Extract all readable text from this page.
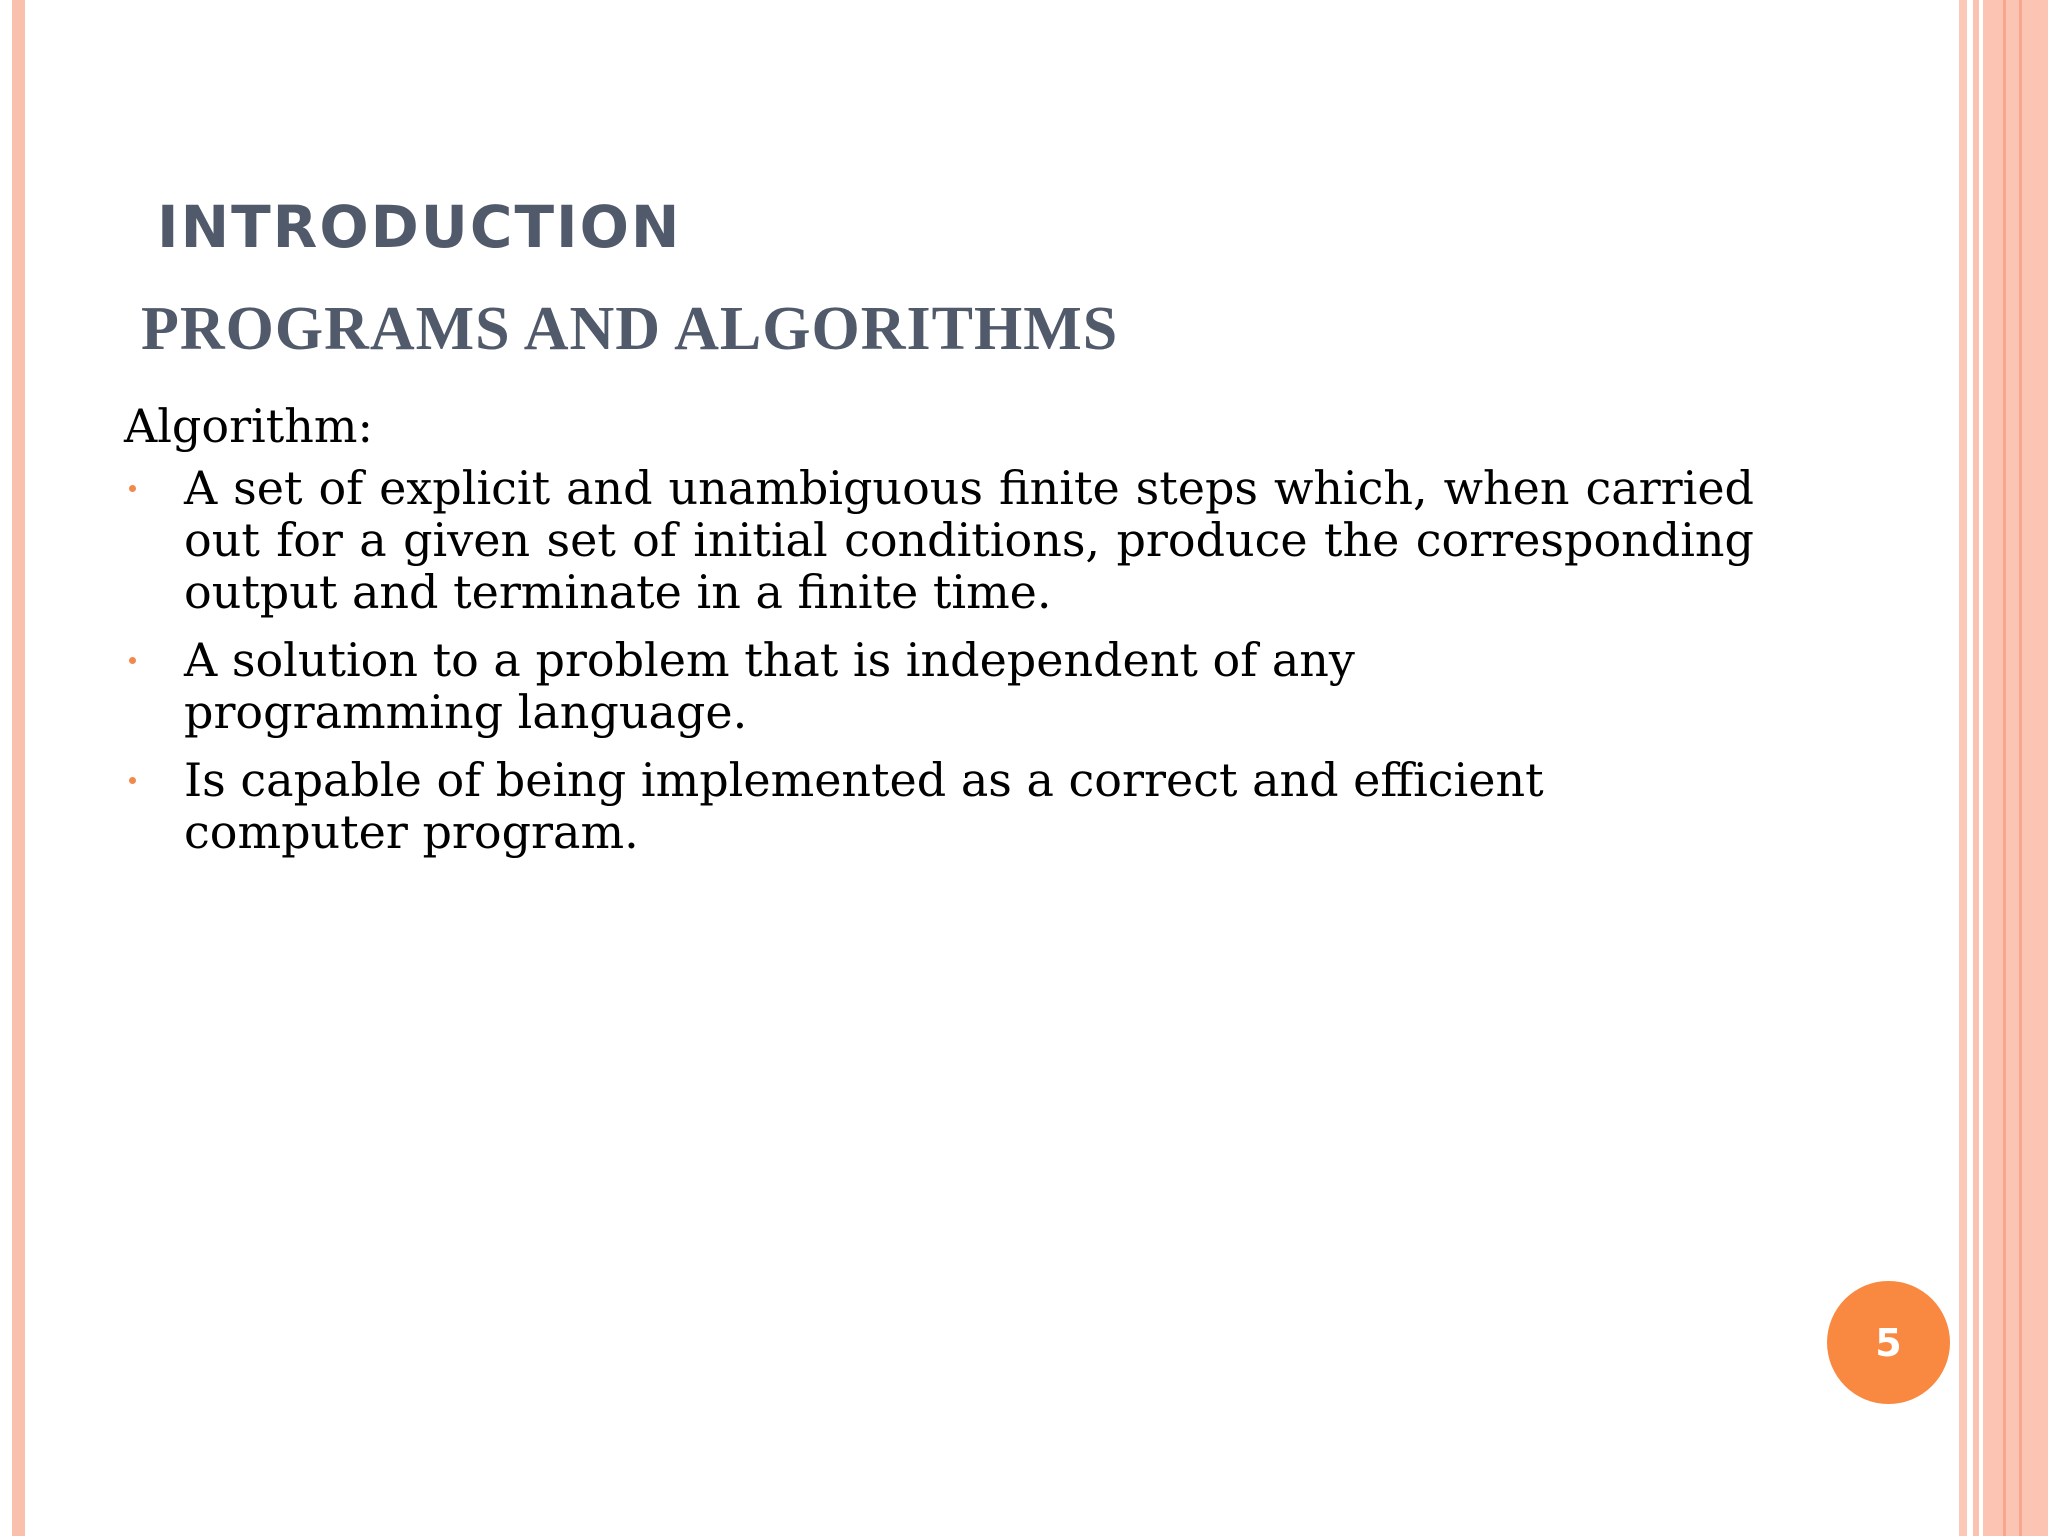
INTRODUCTION
PROGRAMS AND ALGORITHMS
Algorithm:
A set of explicit and unambiguous finite steps which, when carried out for a given set of initial conditions, produce the corresponding output and terminate in a finite time.
A solution to a problem that is independent of any programming language.
Is capable of being implemented as a correct and efficient computer program.
5
